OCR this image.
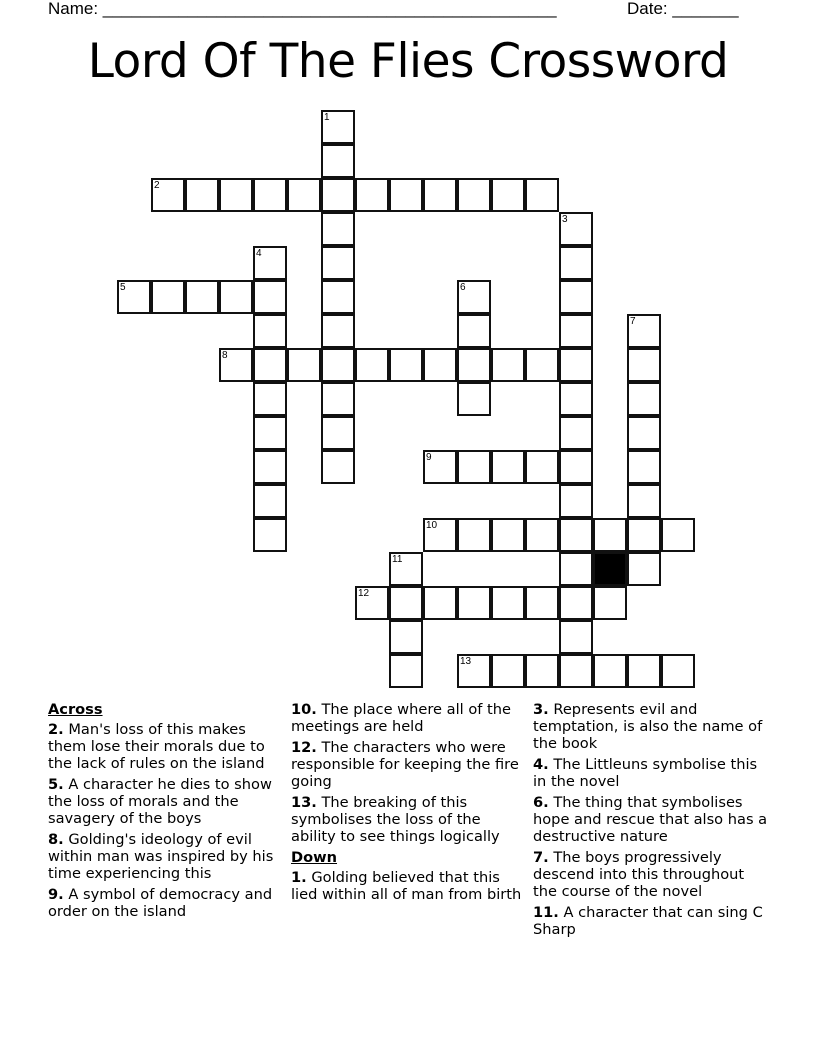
Name: ________________________________________________	Date: _______
Lord Of The Flies Crossword
1
2
3
4
5	6
7
8
9
10
11
12
13
Across
2. Man's loss of this makes them lose their morals due to the lack of rules on the island
5. A character he dies to show the loss of morals and the savagery of the boys
8. Golding's ideology of evil within man was inspired by his time experiencing this
9. A symbol of democracy and order on the island
10. The place where all of the meetings are held
12. The characters who were responsible for keeping the fire going
13. The breaking of this symbolises the loss of the ability to see things logically
Down
1. Golding believed that this lied within all of man from birth
3. Represents evil and temptation, is also the name of the book
4. The Littleuns symbolise this in the novel
6. The thing that symbolises hope and rescue that also has a destructive nature
7. The boys progressively descend into this throughout the course of the novel
11. A character that can sing C Sharp
